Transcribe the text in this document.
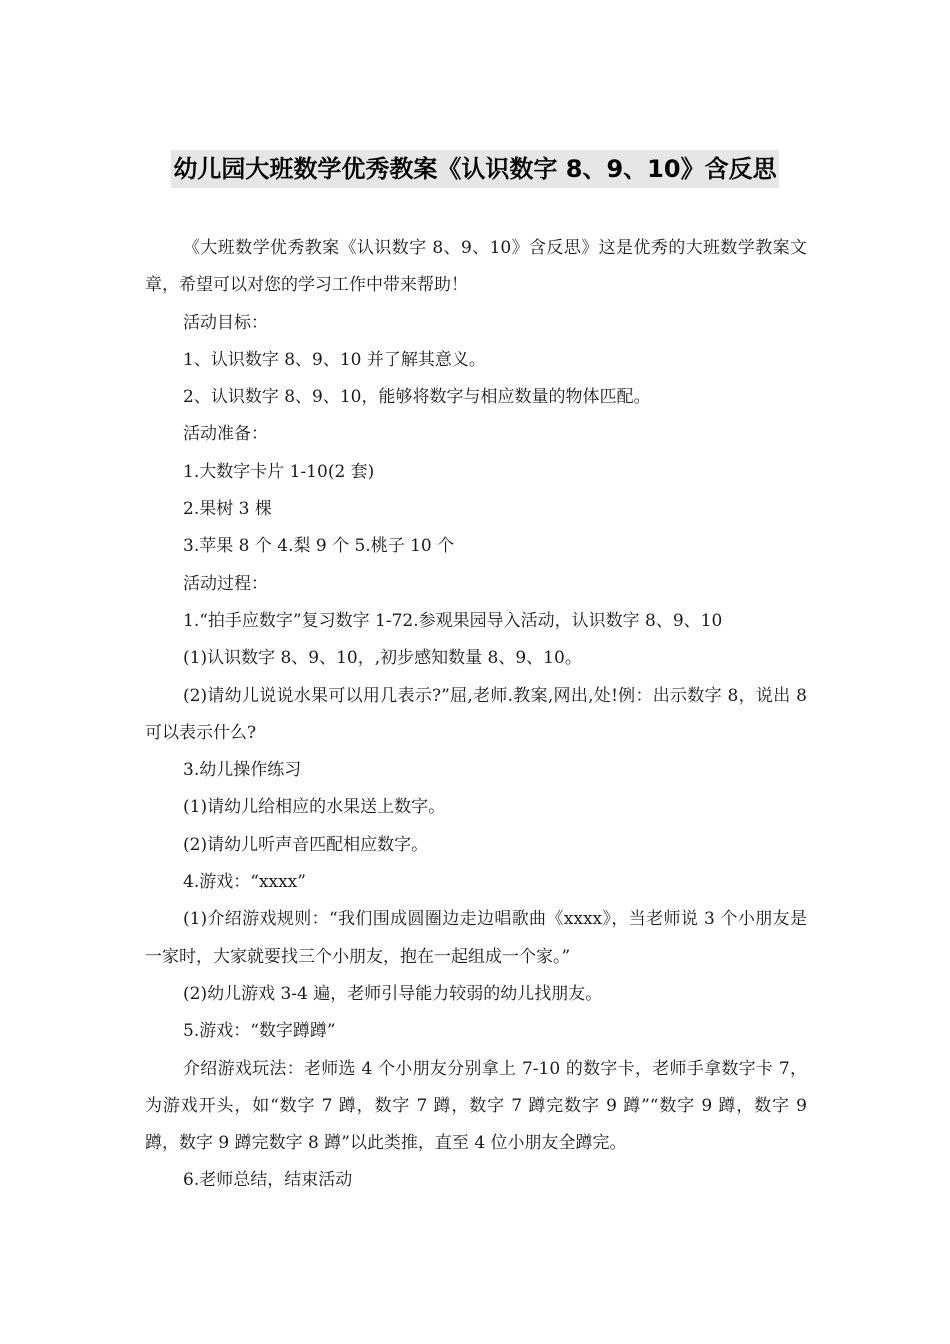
幼儿园大班数学优秀教案《认识数字 8、9、10》含反思

《大班数学优秀教案《认识数字 8、9、10》含反思》这是优秀的大班数学教案文章，希望可以对您的学习工作中带来帮助！

活动目标：

1、认识数字 8、9、10 并了解其意义。

2、认识数字 8、9、10，能够将数字与相应数量的物体匹配。

活动准备：

1.大数字卡片 1-10(2 套)

2.果树 3 棵

3.苹果 8 个 4.梨 9 个 5.桃子 10 个

活动过程：

1.“拍手应数字”复习数字 1-72.参观果园导入活动，认识数字 8、9、10

(1)认识数字 8、9、10，,初步感知数量 8、9、10。

(2)请幼儿说说水果可以用几表示?”屈,老师.教案,网出,处!例：出示数字 8，说出 8 可以表示什么?

3.幼儿操作练习

(1)请幼儿给相应的水果送上数字。

(2)请幼儿听声音匹配相应数字。

4.游戏：“xxxx”

(1)介绍游戏规则：“我们围成圆圈边走边唱歌曲《xxxx》，当老师说 3 个小朋友是一家时，大家就要找三个小朋友，抱在一起组成一个家。”

(2)幼儿游戏 3-4 遍，老师引导能力较弱的幼儿找朋友。

5.游戏：“数字蹲蹲”

介绍游戏玩法：老师选 4 个小朋友分别拿上 7-10 的数字卡，老师手拿数字卡 7，为游戏开头，如“数字 7 蹲，数字 7 蹲，数字 7 蹲完数字 9 蹲”“数字 9 蹲，数字 9 蹲，数字 9 蹲完数字 8 蹲”以此类推，直至 4 位小朋友全蹲完。

6.老师总结，结束活动
